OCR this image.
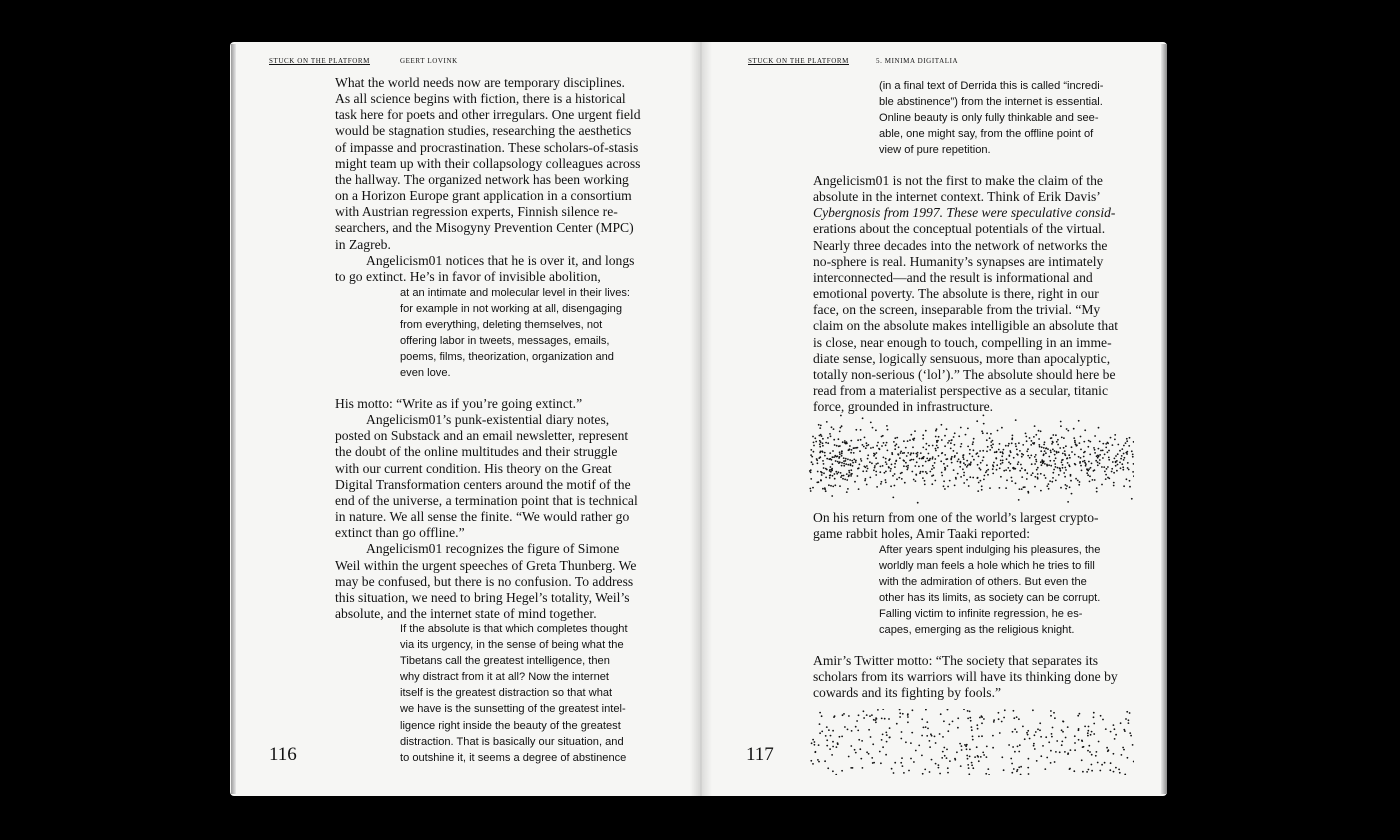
STUCK ON THE PLATFORM	GEERT LOVINK
What the world needs now are temporary disciplines.
As all science begins with fiction, there is a historical
task here for poets and other irregulars. One urgent field
would be stagnation studies, researching the aesthetics
of impasse and procrastination. These scholars-of-stasis
might team up with their collapsology colleagues across
the hallway. The organized network has been working
on a Horizon Europe grant application in a consortium
with Austrian regression experts, Finnish silence re-
searchers, and the Misogyny Prevention Center (MPC)
in Zagreb.
Angelicism01 notices that he is over it, and longs
to go extinct. He’s in favor of invisible abolition,
at an intimate and molecular level in their lives:
for example in not working at all, disengaging
from everything, deleting themselves, not
offering labor in tweets, messages, emails,
poems, films, theorization, organization and
even love.
His motto: “Write as if you’re going extinct.”
Angelicism01’s punk-existential diary notes,
posted on Substack and an email newsletter, represent
the doubt of the online multitudes and their struggle
with our current condition. His theory on the Great
Digital Transformation centers around the motif of the
end of the universe, a termination point that is technical
in nature. We all sense the finite. “We would rather go
extinct than go offline.”
Angelicism01 recognizes the figure of Simone
Weil within the urgent speeches of Greta Thunberg. We
may be confused, but there is no confusion. To address
this situation, we need to bring Hegel’s totality, Weil’s
absolute, and the internet state of mind together.
If the absolute is that which completes thought
via its urgency, in the sense of being what the
Tibetans call the greatest intelligence, then
why distract from it at all? Now the internet
itself is the greatest distraction so that what
we have is the sunsetting of the greatest intel-
ligence right inside the beauty of the greatest
distraction. That is basically our situation, and
to outshine it, it seems a degree of abstinence
116
STUCK ON THE PLATFORM	5. MINIMA DIGITALIA
(in a final text of Derrida this is called “incredi-
ble abstinence”) from the internet is essential.
Online beauty is only fully thinkable and see-
able, one might say, from the offline point of
view of pure repetition.
Angelicism01 is not the first to make the claim of the
absolute in the internet context. Think of Erik Davis’
Cybergnosis from 1997. These were speculative consid-
erations about the conceptual potentials of the virtual.
Nearly three decades into the network of networks the
no-sphere is real. Humanity’s synapses are intimately
interconnected—and the result is informational and
emotional poverty. The absolute is there, right in our
face, on the screen, inseparable from the trivial. “My
claim on the absolute makes intelligible an absolute that
is close, near enough to touch, compelling in an imme-
diate sense, logically sensuous, more than apocalyptic,
totally non-serious (‘lol’).” The absolute should here be
read from a materialist perspective as a secular, titanic
force, grounded in infrastructure.
On his return from one of the world’s largest crypto-
game rabbit holes, Amir Taaki reported:
After years spent indulging his pleasures, the
worldly man feels a hole which he tries to fill
with the admiration of others. But even the
other has its limits, as society can be corrupt.
Falling victim to infinite regression, he es-
capes, emerging as the religious knight.
Amir’s Twitter motto: “The society that separates its
scholars from its warriors will have its thinking done by
cowards and its fighting by fools.”
117
